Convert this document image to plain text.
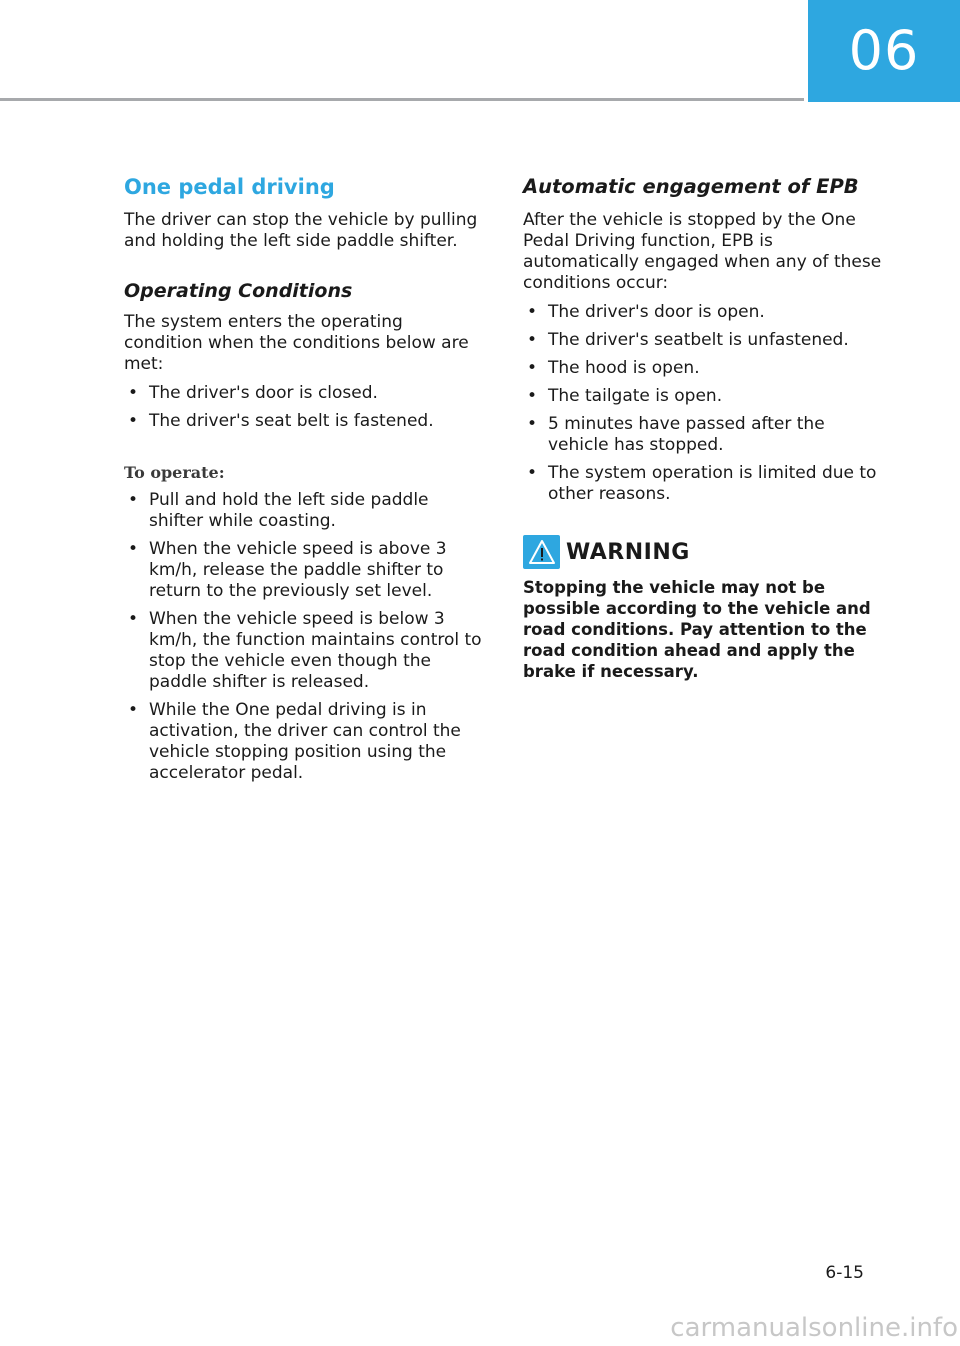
06
One pedal driving

The driver can stop the vehicle by pulling and holding the left side paddle shifter.

Operating Conditions

The system enters the operating condition when the conditions below are met:

• The driver's door is closed.
• The driver's seat belt is fastened.
To operate:
• Pull and hold the left side paddle shifter while coasting.
• When the vehicle speed is above 3 km/h, release the paddle shifter to return to the previously set level.
• When the vehicle speed is below 3 km/h, the function maintains control to stop the vehicle even though the paddle shifter is released.
• While the One pedal driving is in activation, the driver can control the vehicle stopping position using the accelerator pedal.
Automatic engagement of EPB

After the vehicle is stopped by the One Pedal Driving function, EPB is automatically engaged when any of these conditions occur:

• The driver's door is open.
• The driver's seatbelt is unfastened.
• The hood is open.
• The tailgate is open.
• 5 minutes have passed after the vehicle has stopped.
• The system operation is limited due to other reasons.
WARNING

Stopping the vehicle may not be possible according to the vehicle and road conditions. Pay attention to the road condition ahead and apply the brake if necessary.

6-15
carmanualsonline.info
